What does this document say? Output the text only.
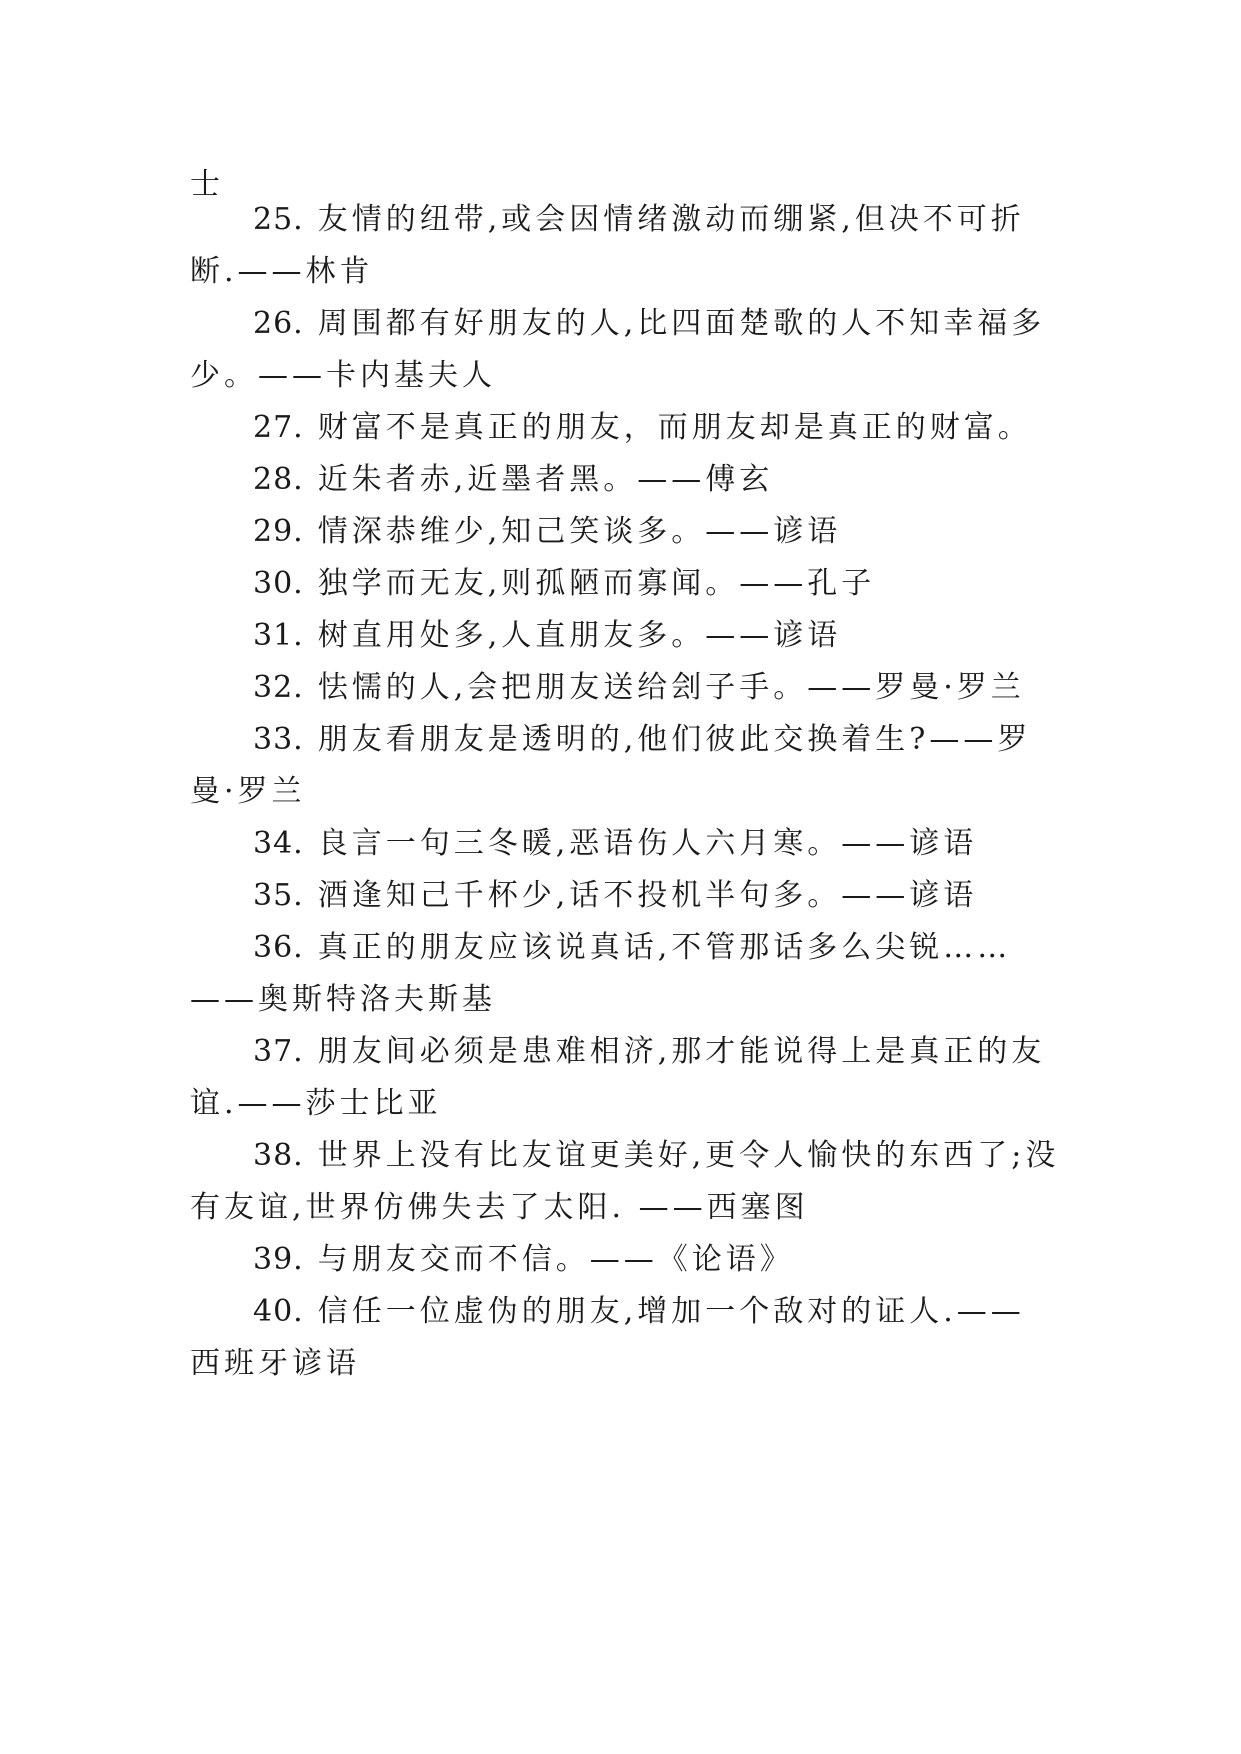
士
25. 友情的纽带,或会因情绪激动而绷紧,但决不可折
断.——林肯
26. 周围都有好朋友的人,比四面楚歌的人不知幸福多
少。——卡内基夫人
27. 财富不是真正的朋友，而朋友却是真正的财富。
28. 近朱者赤,近墨者黑。——傅玄
29. 情深恭维少,知己笑谈多。——谚语
30. 独学而无友,则孤陋而寡闻。——孔子
31. 树直用处多,人直朋友多。——谚语
32. 怯懦的人,会把朋友送给刽子手。——罗曼·罗兰
33. 朋友看朋友是透明的,他们彼此交换着生?——罗
曼·罗兰
34. 良言一句三冬暖,恶语伤人六月寒。——谚语
35. 酒逢知己千杯少,话不投机半句多。——谚语
36. 真正的朋友应该说真话,不管那话多么尖锐……
——奥斯特洛夫斯基
37. 朋友间必须是患难相济,那才能说得上是真正的友
谊.——莎士比亚
38. 世界上没有比友谊更美好,更令人愉快的东西了;没
有友谊,世界仿佛失去了太阳. ——西塞图
39. 与朋友交而不信。——《论语》
40. 信任一位虚伪的朋友,增加一个敌对的证人.——
西班牙谚语
